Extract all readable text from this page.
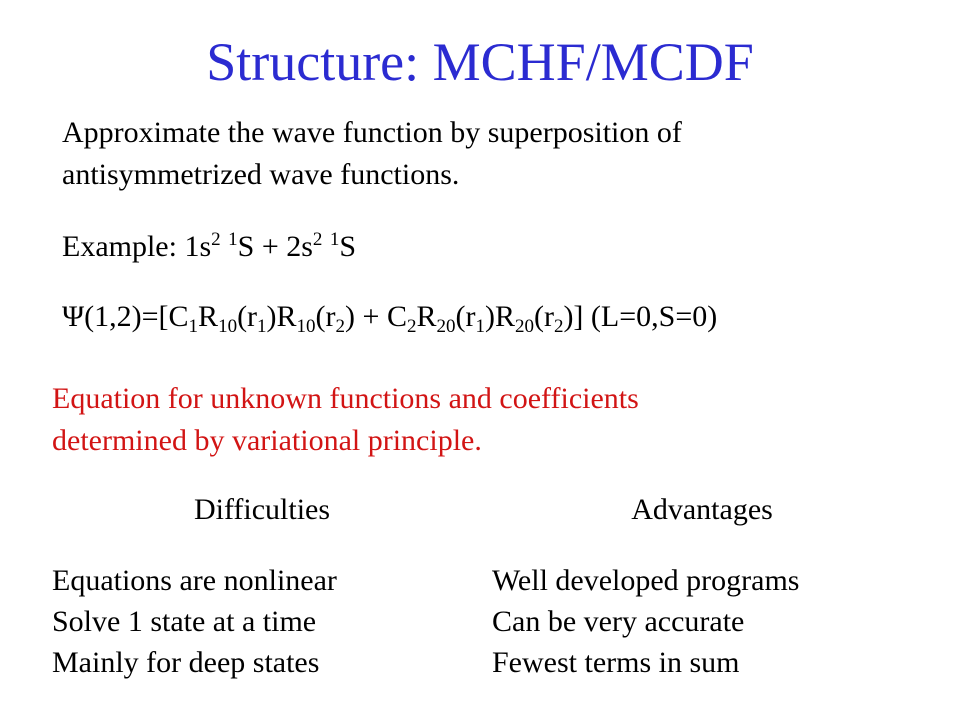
Structure: MCHF/MCDF
Approximate the wave function by superposition of
antisymmetrized wave functions.
Example: $1s^2$ $^1S + 2s^2$ $^1$S
$\Psi(1,2)=[C_1R_{10}(r_1)R_{10}(r_2) + C_2R_{20}(r_1)R_{20}(r_2)]$ (L=0,S=0)
Equation for unknown functions and coefficients
determined by variational principle.
Difficulties	Advantages
Equations are nonlinear
Solve 1 state at a time
Mainly for deep states
Well developed programs
Can be very accurate
Fewest terms in sum
